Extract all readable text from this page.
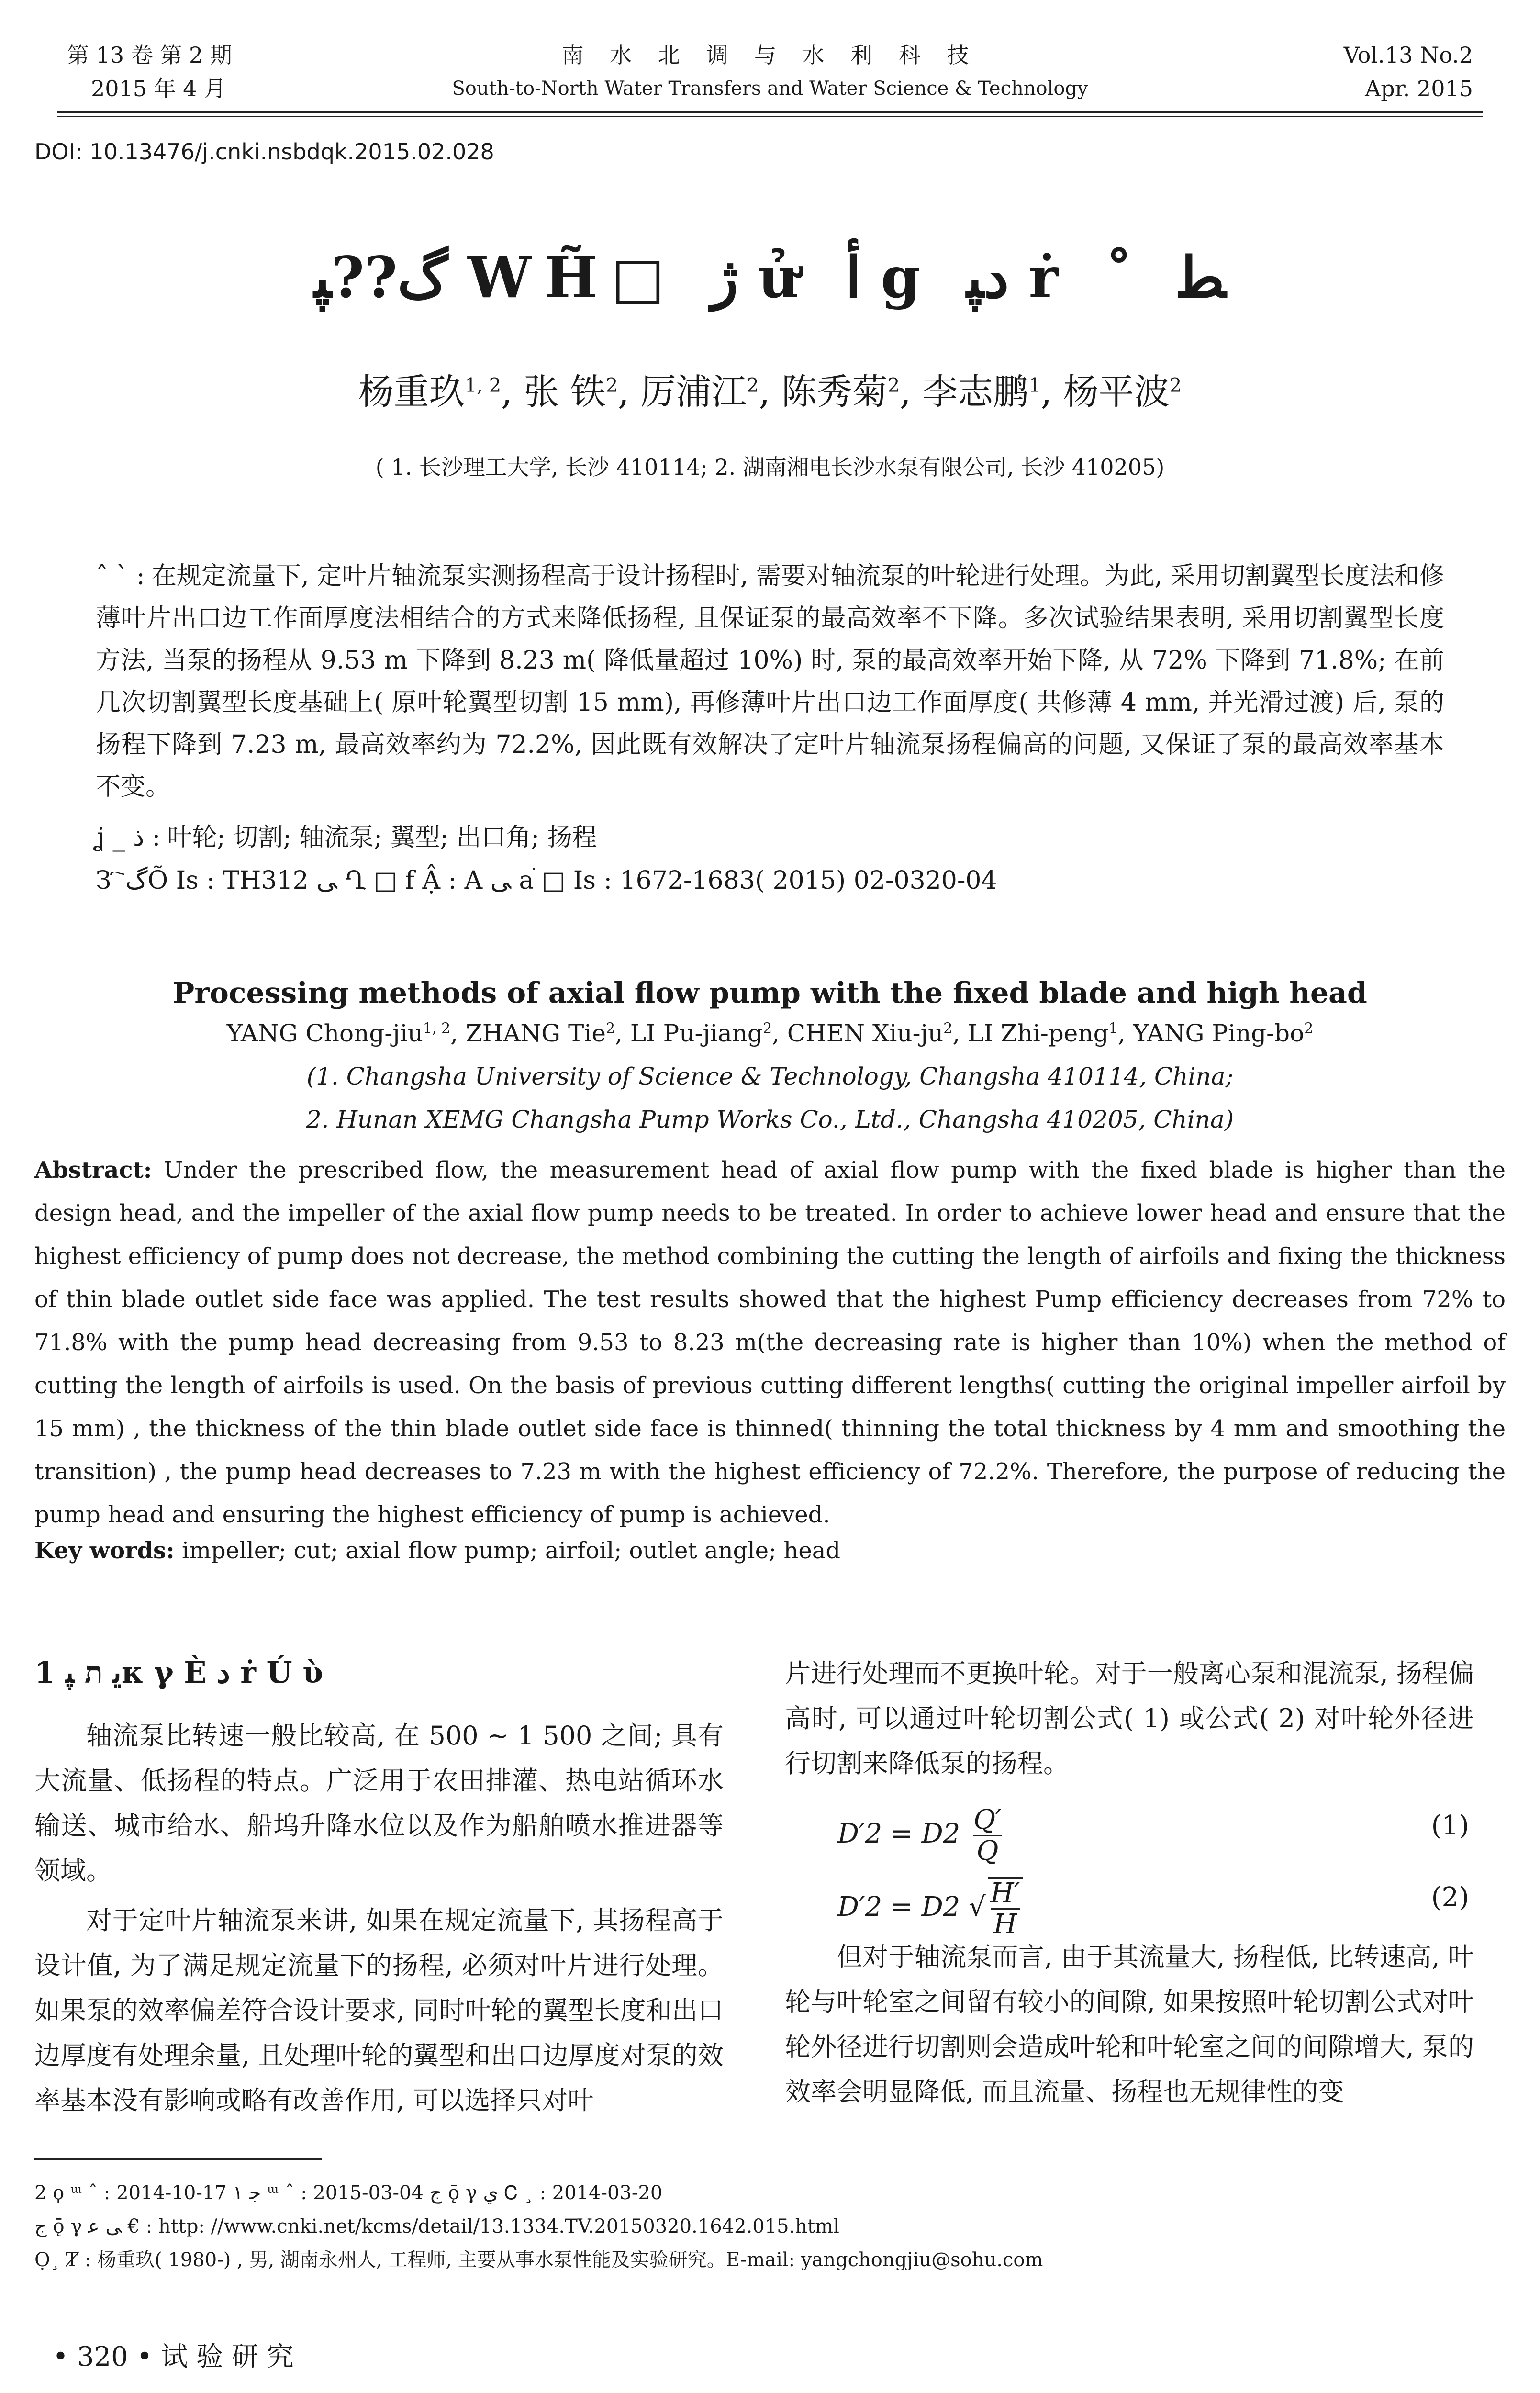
第 13 卷 第 2 期
2015 年 4 月
南 水 北 调 与 水 利 科 技
South-to-North Water Transfers and Water Science & Technology
Vol.13 No.2
Apr. 2015
DOI: 10.13476/j.cnki.nsbdqk.2015.02.028
ﮒ??ﭙ WH̃□ ﮊ ử ﺃ g ﺩﭙ ṙ ˚ ﻄ
杨重玖$^{1, 2}$, 张 铁$^2$, 厉浦江$^2$, 陈秀菊$^2$, 李志鹏$^1$, 杨平波$^2$
( 1. 长沙理工大学, 长沙 410114; 2. 湖南湘电长沙水泵有限公司, 长沙 410205)
ˆ ˋ : 在规定流量下, 定叶片轴流泵实测扬程高于设计扬程时, 需要对轴流泵的叶轮进行处理。为此, 采用切割翼型长度法和修薄叶片出口边工作面厚度法相结合的方式来降低扬程, 且保证泵的最高效率不下降。多次试验结果表明, 采用切割翼型长度方法, 当泵的扬程从 9.53 m 下降到 8.23 m( 降低量超过 10%) 时, 泵的最高效率开始下降, 从 72% 下降到 71.8%; 在前几次切割翼型长度基础上( 原叶轮翼型切割 15 mm), 再修薄叶片出口边工作面厚度( 共修薄 4 mm, 并光滑过渡) 后, 泵的扬程下降到 7.23 m, 最高效率约为 72.2%, 因此既有效解决了定叶片轴流泵扬程偏高的问题, 又保证了泵的最高效率基本不变。
ʝ _ ﺫ : 叶轮; 切割; 轴流泵; 翼型; 出口角; 扬程
З ҇ ﮒÕ Is : TH312 ﻰ Ղ □ f Ậ : A ﻰ aׄ □ Is : 1672-1683( 2015) 02-0320-04
Processing methods of axial flow pump with the fixed blade and high head
YANG Chong-jiu$^{1, 2}$, ZHANG Tie$^2$, LI Pu-jiang$^2$, CHEN Xiu-$ju^2$, LI Zhi-peng$^1$, YANG Ping-$bo^2$
(1. Changsha University of Science & Technology, Changsha 410114, China;
2. Hunan XEMG Changsha Pump Works Co., Ltd., Changsha 410205, China)
Abstract: Under the prescribed flow, the measurement head of axial flow pump with the fixed blade is higher than the design head, and the impeller of the axial flow pump needs to be treated. In order to achieve lower head and ensure that the highest efficiency of pump does not decrease, the method combining the cutting the length of airfoils and fixing the thickness of thin blade outlet side face was applied. The test results showed that the highest Pump efficiency decreases from 72% to 71.8% with the pump head decreasing from 9.53 to 8.23 m(the decreasing rate is higher than 10%) when the method of cutting the length of airfoils is used. On the basis of previous cutting different lengths( cutting the original impeller airfoil by 15 mm) , the thickness of the thin blade outlet side face is thinned( thinning the total thickness by 4 mm and smoothing the transition) , the pump head decreases to 7.23 m with the highest efficiency of 72.2%. Therefore, the purpose of reducing the pump head and ensuring the highest efficiency of pump is achieved.
Key words: impeller; cut; axial flow pump; airfoil; outlet angle; head
1 ﯾ ת ﭙκ γ Ѐ ﺩ ṙ Ú ὺ

轴流泵比转速一般比较高, 在 500 ~ 1 500 之间; 具有大流量、低扬程的特点。广泛用于农田排灌、热电站循环水输送、城市给水、船坞升降水位以及作为船舶喷水推进器等领域。

对于定叶片轴流泵来讲, 如果在规定流量下, 其扬程高于设计值, 为了满足规定流量下的扬程, 必须对叶片进行处理。如果泵的效率偏差符合设计要求, 同时叶轮的翼型长度和出口边厚度有处理余量, 且处理叶轮的翼型和出口边厚度对泵的效率基本没有影响或略有改善作用, 可以选择只对叶

片进行处理而不更换叶轮。对于一般离心泵和混流泵, 扬程偏高时, 可以通过叶轮切割公式( 1) 或公式( 2) 对叶轮外径进行切割来降低泵的扬程。

$D'2 = D2 \frac{Q'}{Q}$	(1)
D′2 = D2 √ $\frac{H'}{H}$	(2)

但对于轴流泵而言, 由于其流量大, 扬程低, 比转速高, 叶轮与叶轮室之间留有较小的间隙, 如果按照叶轮切割公式对叶轮外径进行切割则会造成叶轮和叶轮室之间的间隙增大, 泵的效率会明显降低, 而且流量、扬程也无规律性的变

2 ϙ ᵚ ˆ : 2014-10-17 ﺟ ۱ ᵚ ˆ : 2015-03-04 ﺝ ǭ γ ﻱ Ꮯ ¸ : 2014-03-20
ﺝ ǭ γ ﻰ ﻋ € : http: //www.cnki.net/kcms/detail/13.1334.TV.20150320.1642.015.html
Ọ¸ Ⱦ : 杨重玖( 1980-) , 男, 湖南永州人, 工程师, 主要从事水泵性能及实验研究。E-mail: yangchongjiu@sohu.com
• 320 • 试 验 研 究
